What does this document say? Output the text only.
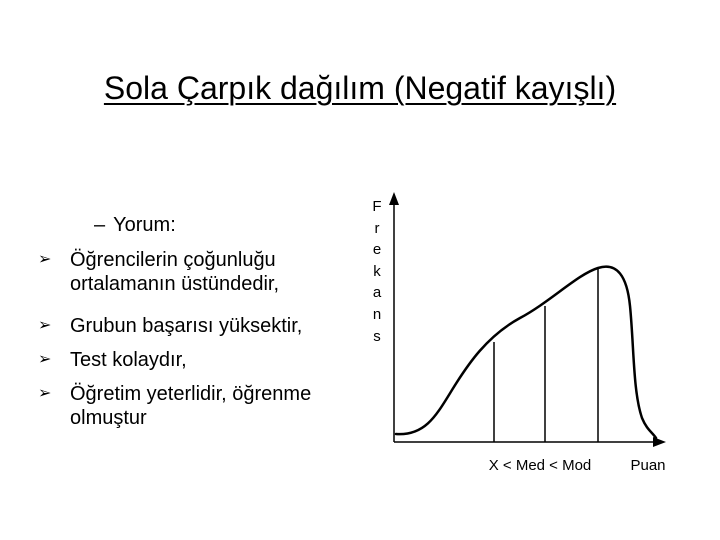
Sola Çarpık dağılım (Negatif kayışlı)
– Yorum:
➢ Öğrencilerin çoğunluğu
ortalamanın üstündedir,
➢ Grubun başarısı yüksektir,
➢ Test kolaydır,
➢ Öğretim yeterlidir, öğrenme
olmuştur
X < Med < Mod	Puan
F
r
e
k
a
n
s
